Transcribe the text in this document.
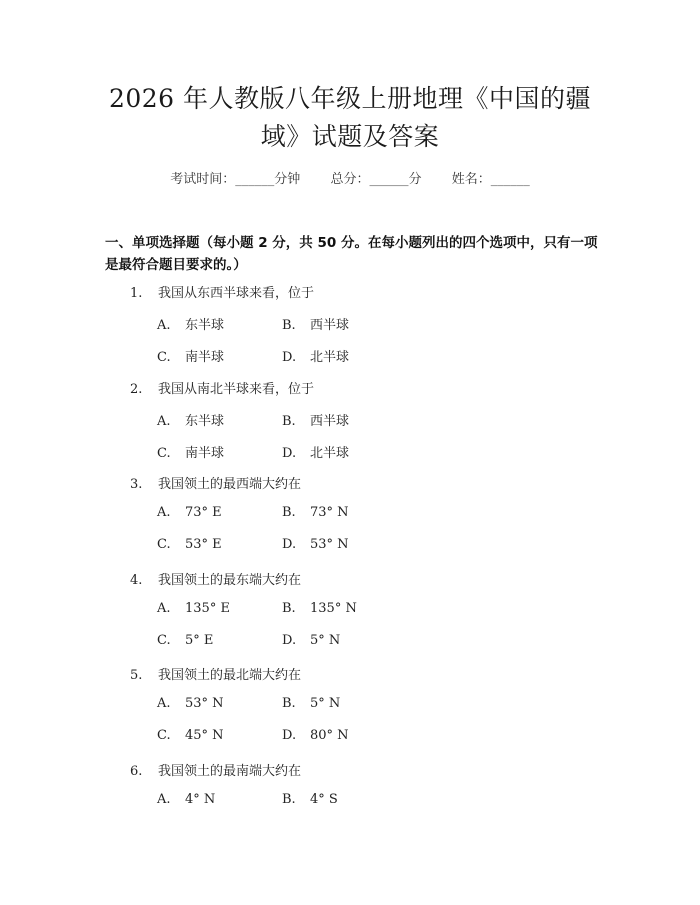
2026 年人教版八年级上册地理《中国的疆
域》试题及答案
考试时间：______分钟 总分：______分 姓名：______
一、单项选择题（每小题 2 分，共 50 分。在每小题列出的四个选项中，只有一项是最符合题目要求的。）
1. 我国从东西半球来看，位于
A. 东半球	B. 西半球
C. 南半球	D. 北半球
2. 我国从南北半球来看，位于
A. 东半球	B. 西半球
C. 南半球	D. 北半球
3. 我国领土的最西端大约在
A. 73° E	B. 73° N
C. 53° E	D. 53° N
4. 我国领土的最东端大约在
A. 135° E	B. 135° N
C. 5° E	D. 5° N
5. 我国领土的最北端大约在
A. 53° N	B. 5° N
C. 45° N	D. 80° N
6. 我国领土的最南端大约在
A. 4° N	B. 4° S
